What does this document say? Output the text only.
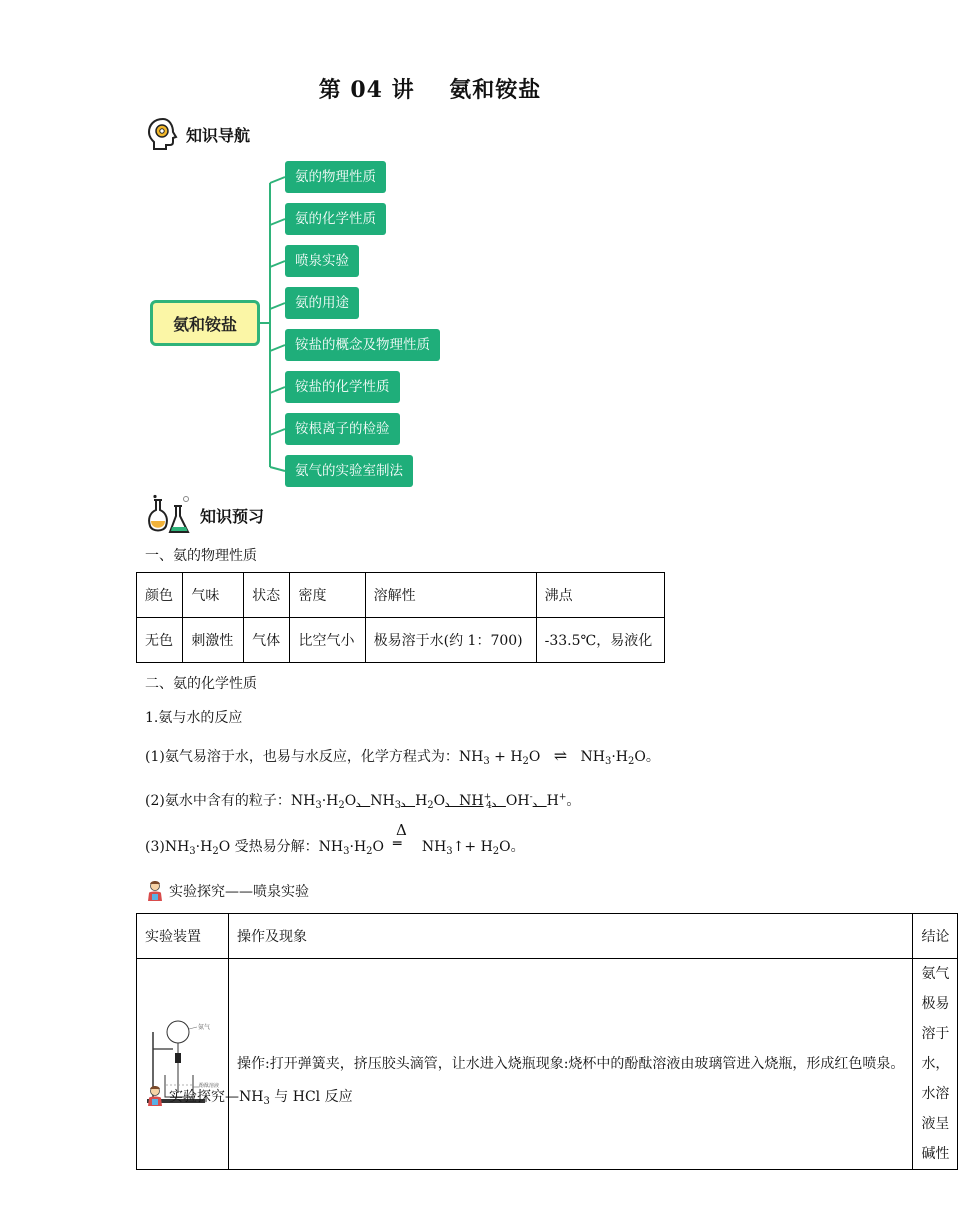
第 04 讲    氨和铵盐
知识导航
氨和铵盐
氨的物理性质
氨的化学性质
喷泉实验
氨的用途
铵盐的概念及物理性质
铵盐的化学性质
铵根离子的检验
氨气的实验室制法
知识预习
一、氨的物理性质
颜色	气味	状态	密度	溶解性	沸点
无色	刺激性	气体	比空气小	极易溶于水(约 1：700)	-33.5℃，易液化
二、氨的化学性质
1.氨与水的反应
(1)氨气易溶于水，也易与水反应，化学方程式为：$NH_3 + H_2O$   ⇌   $NH_3\cdot H_2O$。
(2)氨水中含有的粒子：$NH_3\cdot H_2O$、$NH_3$、$H_2O$、$NH^+_4$、OH-、H+。
$(3)NH_3\cdot H_2O$ 受热易分解：$NH_3\cdot H_2O$
Δ
═  $NH_3↑+ H_2O$。
实验探究——喷泉实验
实验装置	操作及现象	结论

氨气
酚酞溶液	操作:打开弹簧夹，挤压胶头滴管，让水进入烧瓶现象:烧杯中的酚酞溶液由玻璃管进入烧瓶，形成红色喷泉。	氨气极易溶于水，水溶液呈碱性
实验探究$—NH_3$ 与 HCl 反应
